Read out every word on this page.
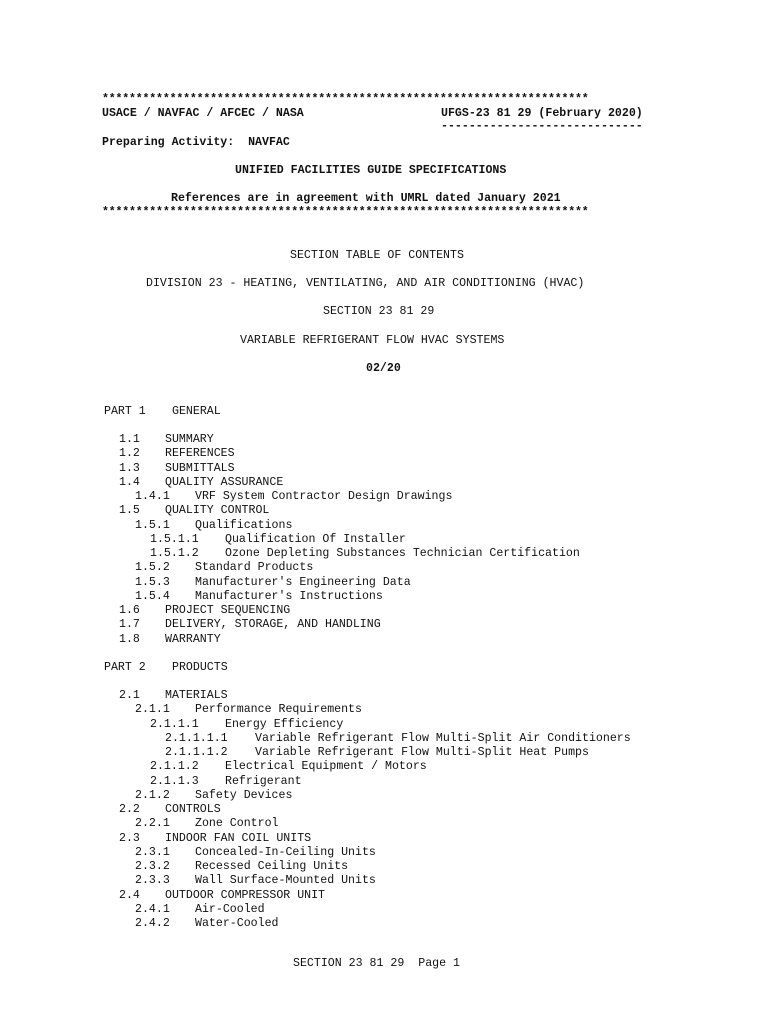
************************************************************************
USACE / NAVFAC / AFCEC / NASA	UFGS-23 81 29 (February 2020)
-----------------------------
Preparing Activity:  NAVFAC
UNIFIED FACILITIES GUIDE SPECIFICATIONS
References are in agreement with UMRL dated January 2021
************************************************************************
SECTION TABLE OF CONTENTS
DIVISION 23 - HEATING, VENTILATING, AND AIR CONDITIONING (HVAC)
SECTION 23 81 29
VARIABLE REFRIGERANT FLOW HVAC SYSTEMS
02/20
PART 1 GENERAL
1.1 SUMMARY
1.2 REFERENCES
1.3 SUBMITTALS
1.4 QUALITY ASSURANCE
1.4.1 VRF System Contractor Design Drawings
1.5 QUALITY CONTROL
1.5.1 Qualifications
1.5.1.1 Qualification Of Installer
1.5.1.2 Ozone Depleting Substances Technician Certification
1.5.2 Standard Products
1.5.3 Manufacturer's Engineering Data
1.5.4 Manufacturer's Instructions
1.6 PROJECT SEQUENCING
1.7 DELIVERY, STORAGE, AND HANDLING
1.8 WARRANTY
PART 2 PRODUCTS
2.1 MATERIALS
2.1.1 Performance Requirements
2.1.1.1 Energy Efficiency
2.1.1.1.1 Variable Refrigerant Flow Multi-Split Air Conditioners
2.1.1.1.2 Variable Refrigerant Flow Multi-Split Heat Pumps
2.1.1.2 Electrical Equipment / Motors
2.1.1.3 Refrigerant
2.1.2 Safety Devices
2.2 CONTROLS
2.2.1 Zone Control
2.3 INDOOR FAN COIL UNITS
2.3.1 Concealed-In-Ceiling Units
2.3.2 Recessed Ceiling Units
2.3.3 Wall Surface-Mounted Units
2.4 OUTDOOR COMPRESSOR UNIT
2.4.1 Air-Cooled
2.4.2 Water-Cooled
SECTION 23 81 29  Page 1
